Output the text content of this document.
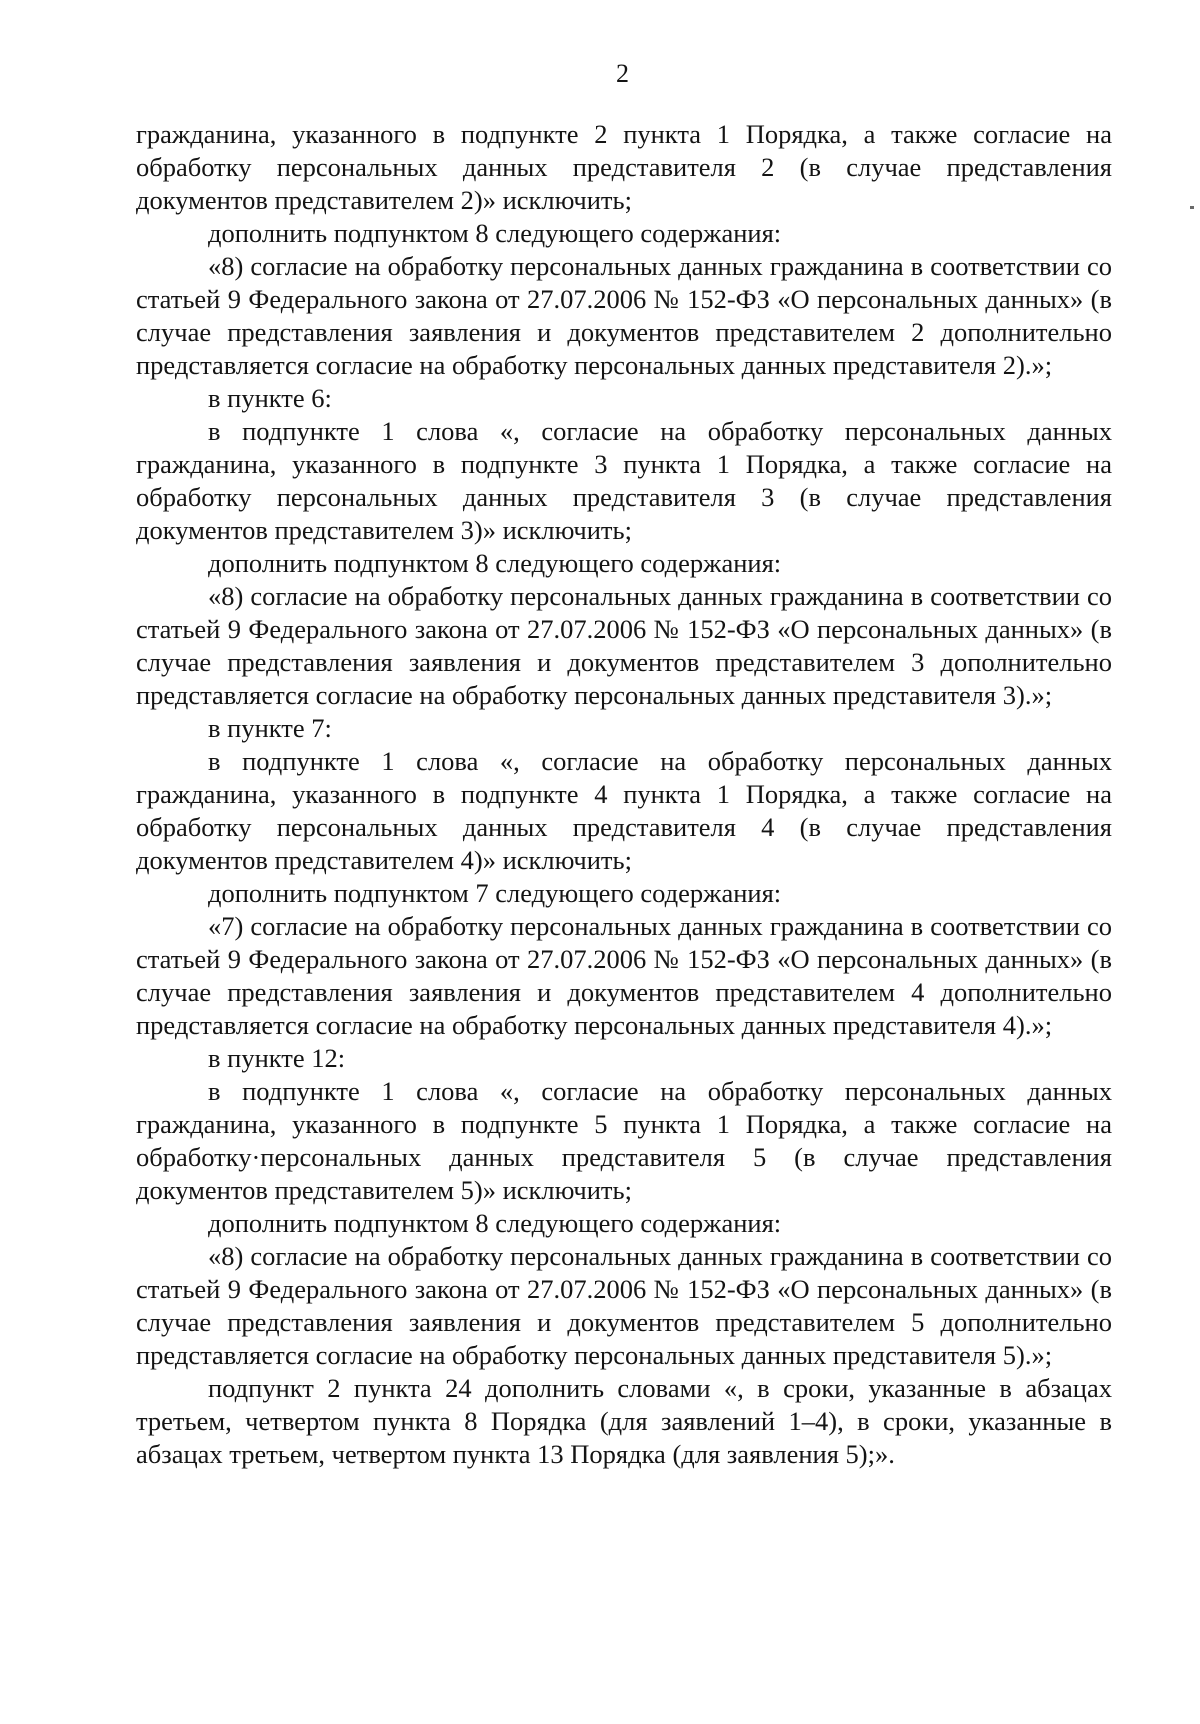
2

гражданина, указанного в подпункте 2 пункта 1 Порядка, а также согласие на обработку персональных данных представителя 2 (в случае представления документов представителем 2)» исключить;

дополнить подпунктом 8 следующего содержания:

«8) согласие на обработку персональных данных гражданина в соответствии со статьей 9 Федерального закона от 27.07.2006 № 152-ФЗ «О персональных данных» (в случае представления заявления и документов представителем 2 дополнительно представляется согласие на обработку персональных данных представителя 2).»;

в пункте 6:

в подпункте 1 слова «, согласие на обработку персональных данных гражданина, указанного в подпункте 3 пункта 1 Порядка, а также согласие на обработку персональных данных представителя 3 (в случае представления документов представителем 3)» исключить;

дополнить подпунктом 8 следующего содержания:

«8) согласие на обработку персональных данных гражданина в соответствии со статьей 9 Федерального закона от 27.07.2006 № 152-ФЗ «О персональных данных» (в случае представления заявления и документов представителем 3 дополнительно представляется согласие на обработку персональных данных представителя 3).»;

в пункте 7:

в подпункте 1 слова «, согласие на обработку персональных данных гражданина, указанного в подпункте 4 пункта 1 Порядка, а также согласие на обработку персональных данных представителя 4 (в случае представления документов представителем 4)» исключить;

дополнить подпунктом 7 следующего содержания:

«7) согласие на обработку персональных данных гражданина в соответствии со статьей 9 Федерального закона от 27.07.2006 № 152-ФЗ «О персональных данных» (в случае представления заявления и документов представителем 4 дополнительно представляется согласие на обработку персональных данных представителя 4).»;

в пункте 12:

в подпункте 1 слова «, согласие на обработку персональных данных гражданина, указанного в подпункте 5 пункта 1 Порядка, а также согласие на обработку·персональных данных представителя 5 (в случае представления документов представителем 5)» исключить;

дополнить подпунктом 8 следующего содержания:

«8) согласие на обработку персональных данных гражданина в соответствии со статьей 9 Федерального закона от 27.07.2006 № 152-ФЗ «О персональных данных» (в случае представления заявления и документов представителем 5 дополнительно представляется согласие на обработку персональных данных представителя 5).»;

подпункт 2 пункта 24 дополнить словами «, в сроки, указанные в абзацах третьем, четвертом пункта 8 Порядка (для заявлений 1–4), в сроки, указанные в абзацах третьем, четвертом пункта 13 Порядка (для заявления 5);».
